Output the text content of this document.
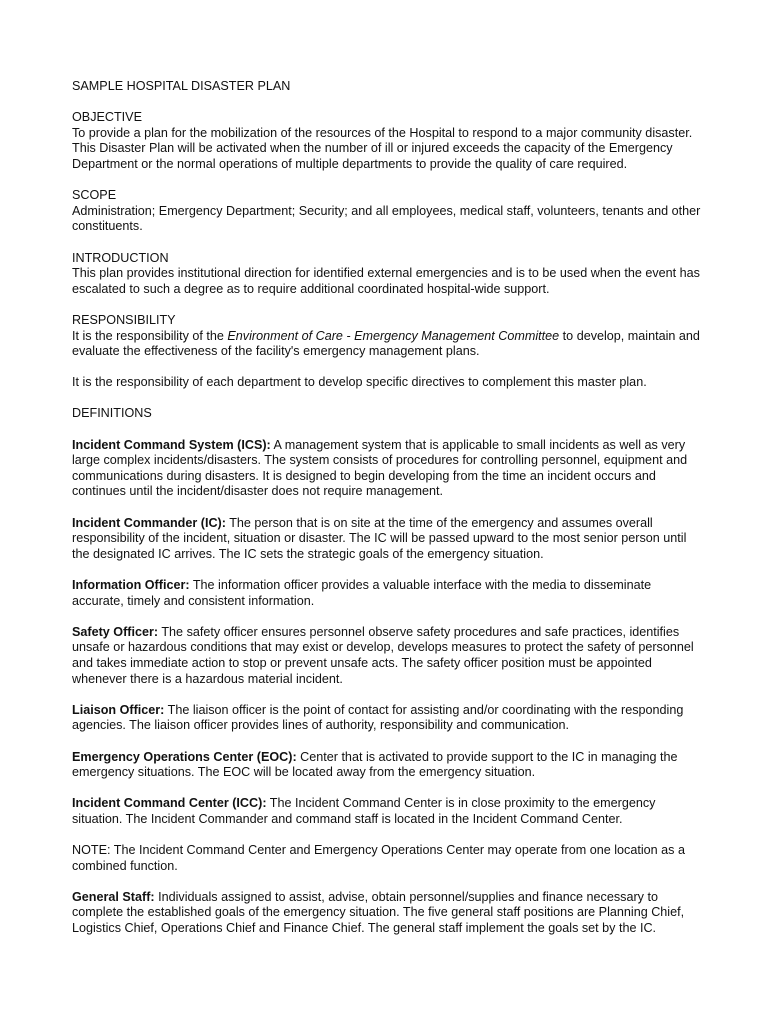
SAMPLE HOSPITAL DISASTER PLAN

OBJECTIVE

To provide a plan for the mobilization of the resources of the Hospital to respond to a major community disaster. This Disaster Plan will be activated when the number of ill or injured exceeds the capacity of the Emergency Department or the normal operations of multiple departments to provide the quality of care required.

SCOPE

Administration; Emergency Department; Security; and all employees, medical staff, volunteers, tenants and other constituents.

INTRODUCTION

This plan provides institutional direction for identified external emergencies and is to be used when the event has escalated to such a degree as to require additional coordinated hospital-wide support.

RESPONSIBILITY

It is the responsibility of the Environment of Care - Emergency Management Committee to develop, maintain and evaluate the effectiveness of the facility's emergency management plans.

It is the responsibility of each department to develop specific directives to complement this master plan.

DEFINITIONS

Incident Command System (ICS): A management system that is applicable to small incidents as well as very large complex incidents/disasters. The system consists of procedures for controlling personnel, equipment and communications during disasters. It is designed to begin developing from the time an incident occurs and continues until the incident/disaster does not require management.

Incident Commander (IC): The person that is on site at the time of the emergency and assumes overall responsibility of the incident, situation or disaster. The IC will be passed upward to the most senior person until the designated IC arrives. The IC sets the strategic goals of the emergency situation.

Information Officer: The information officer provides a valuable interface with the media to disseminate accurate, timely and consistent information.

Safety Officer: The safety officer ensures personnel observe safety procedures and safe practices, identifies unsafe or hazardous conditions that may exist or develop, develops measures to protect the safety of personnel and takes immediate action to stop or prevent unsafe acts. The safety officer position must be appointed whenever there is a hazardous material incident.

Liaison Officer: The liaison officer is the point of contact for assisting and/or coordinating with the responding agencies. The liaison officer provides lines of authority, responsibility and communication.

Emergency Operations Center (EOC): Center that is activated to provide support to the IC in managing the emergency situations. The EOC will be located away from the emergency situation.

Incident Command Center (ICC): The Incident Command Center is in close proximity to the emergency situation. The Incident Commander and command staff is located in the Incident Command Center.

NOTE: The Incident Command Center and Emergency Operations Center may operate from one location as a combined function.

General Staff: Individuals assigned to assist, advise, obtain personnel/supplies and finance necessary to complete the established goals of the emergency situation. The five general staff positions are Planning Chief, Logistics Chief, Operations Chief and Finance Chief. The general staff implement the goals set by the IC.
